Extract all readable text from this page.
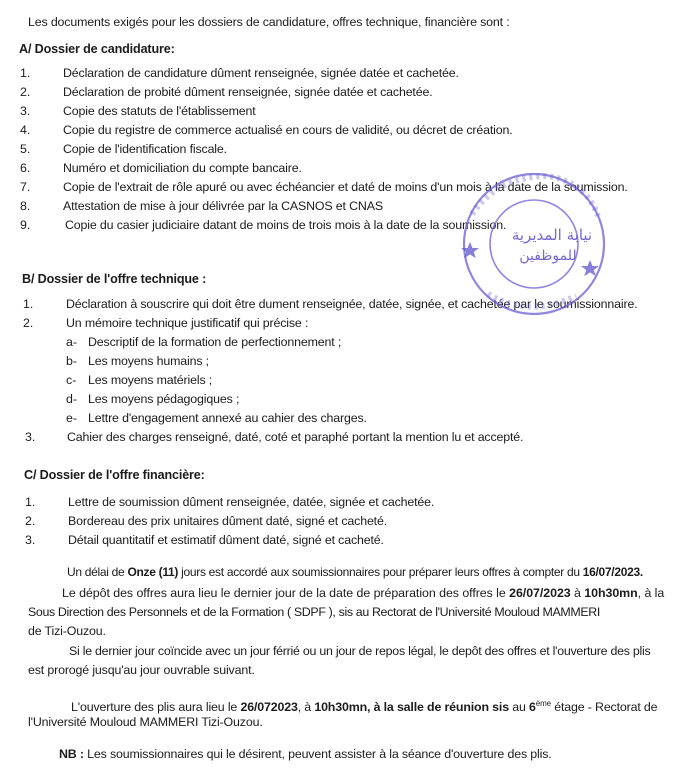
Les documents exigés pour les dossiers de candidature, offres technique, financière sont :
A/ Dossier de candidature:
1.	Déclaration de candidature dûment renseignée, signée datée et cachetée.
2.	Déclaration de probité dûment renseignée, signée datée et cachetée.
3.	Copie des statuts de l'établissement
4.	Copie du registre de commerce actualisé en cours de validité, ou décret de création.
5.	Copie de l'identification fiscale.
6.	Numéro et domiciliation du compte bancaire.
7.	Copie de l'extrait de rôle apuré ou avec échéancier et daté de moins d'un mois à la date de la soumission.
8.	Attestation de mise à jour délivrée par la CASNOS et CNAS
9.	Copie du casier judiciaire datant de moins de trois mois à la date de la soumission.
B/ Dossier de l'offre technique :
1.	Déclaration à souscrire qui doit être dument renseignée, datée, signée, et cachetée par le soumissionnaire.
2.	Un mémoire technique justificatif qui précise :
a- Descriptif de la formation de perfectionnement ;
b- Les moyens humains ;
c- Les moyens matériels ;
d- Les moyens pédagogiques ;
e- Lettre d'engagement annexé au cahier des charges.
3.	Cahier des charges renseigné, daté, coté et paraphé portant la mention lu et accepté.
C/ Dossier de l'offre financière:
1.	Lettre de soumission dûment renseignée, datée, signée et cachetée.
2.	Bordereau des prix unitaires dûment daté, signé et cacheté.
3.	Détail quantitatif et estimatif dûment daté, signé et cacheté.
Un délai de Onze (11) jours est accordé aux soumissionnaires pour préparer leurs offres à compter du 16/07/2023.
Le dépôt des offres aura lieu le dernier jour de la date de préparation des offres le 26/07/2023 à 10h30mn, à la
Sous Direction des Personnels et de la Formation ( SDPF ), sis au Rectorat de l'Université Mouloud MAMMERI
de Tizi-Ouzou.
Si le dernier jour coïncide avec un jour férrié ou un jour de repos légal, le depôt des offres et l'ouverture des plis
est prorogé jusqu'au jour ouvrable suivant.
L'ouverture des plis aura lieu le 26/072023, à 10h30mn, à la salle de réunion sis au 6ème étage - Rectorat de
l'Université Mouloud MAMMERI Tizi-Ouzou.
NB : Les soumissionnaires qui le désirent, peuvent assister à la séance d'ouverture des plis.
نيابة المديرية
للموظفين
